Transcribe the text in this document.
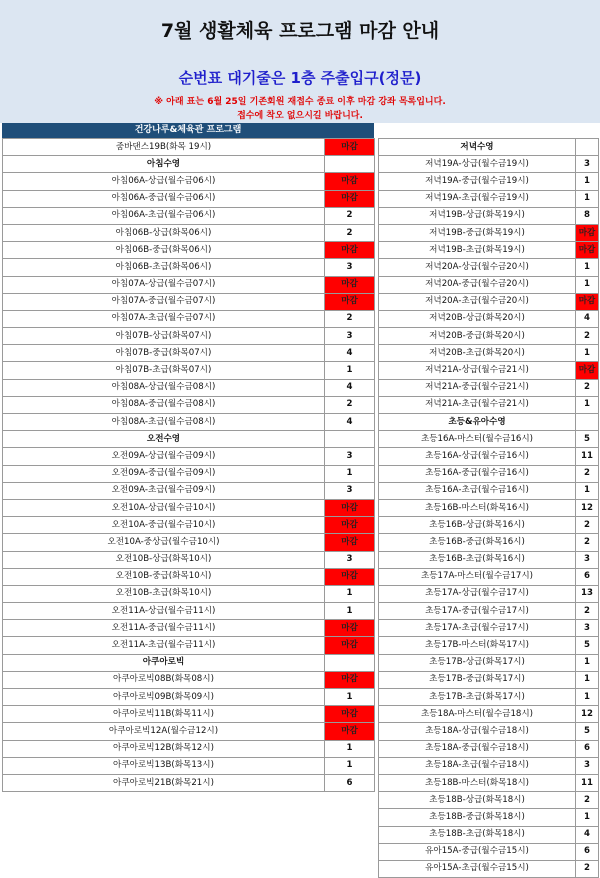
7월 생활체육 프로그램 마감 안내
순번표 대기줄은 1층 주출입구(정문)
※ 아래 표는 6월 25일 기존회원 재접수 종료 이후 마감 강좌 목록입니다.
접수에 착오 없으시길 바랍니다.
건강나루&체육관 프로그램
줌바댄스19B(화목 19시)	마감
아침수영	
아침06A-상급(월수금06시)	마감
아침06A-중급(월수금06시)	마감
아침06A-초급(월수금06시)	2
아침06B-상급(화목06시)	2
아침06B-중급(화목06시)	마감
아침06B-초급(화목06시)	3
아침07A-상급(월수금07시)	마감
아침07A-중급(월수금07시)	마감
아침07A-초급(월수금07시)	2
아침07B-상급(화목07시)	3
아침07B-중급(화목07시)	4
아침07B-초급(화목07시)	1
아침08A-상급(월수금08시)	4
아침08A-중급(월수금08시)	2
아침08A-초급(월수금08시)	4
오전수영	
오전09A-상급(월수금09시)	3
오전09A-중급(월수금09시)	1
오전09A-초급(월수금09시)	3
오전10A-상급(월수금10시)	마감
오전10A-중급(월수금10시)	마감
오전10A-중상급(월수금10시)	마감
오전10B-상급(화목10시)	3
오전10B-중급(화목10시)	마감
오전10B-초급(화목10시)	1
오전11A-상급(월수금11시)	1
오전11A-중급(월수금11시)	마감
오전11A-초급(월수금11시)	마감
아쿠아로빅	
아쿠아로빅08B(화목08시)	마감
아쿠아로빅09B(화목09시)	1
아쿠아로빅11B(화목11시)	마감
아쿠아로빅12A(월수금12시)	마감
아쿠아로빅12B(화목12시)	1
아쿠아로빅13B(화목13시)	1
아쿠아로빅21B(화목21시)	6
저녁수영	
저녁19A-상급(월수금19시)	3
저녁19A-중급(월수금19시)	1
저녁19A-초급(월수금19시)	1
저녁19B-상급(화목19시)	8
저녁19B-중급(화목19시)	마감
저녁19B-초급(화목19시)	마감
저녁20A-상급(월수금20시)	1
저녁20A-중급(월수금20시)	1
저녁20A-초급(월수금20시)	마감
저녁20B-상급(화목20시)	4
저녁20B-중급(화목20시)	2
저녁20B-초급(화목20시)	1
저녁21A-상급(월수금21시)	마감
저녁21A-중급(월수금21시)	2
저녁21A-초급(월수금21시)	1
초등&유아수영	
초등16A-마스터(월수금16시)	5
초등16A-상급(월수금16시)	11
초등16A-중급(월수금16시)	2
초등16A-초급(월수금16시)	1
초등16B-마스터(화목16시)	12
초등16B-상급(화목16시)	2
초등16B-중급(화목16시)	2
초등16B-초급(화목16시)	3
초등17A-마스터(월수금17시)	6
초등17A-상급(월수금17시)	13
초등17A-중급(월수금17시)	2
초등17A-초급(월수금17시)	3
초등17B-마스터(화목17시)	5
초등17B-상급(화목17시)	1
초등17B-중급(화목17시)	1
초등17B-초급(화목17시)	1
초등18A-마스터(월수금18시)	12
초등18A-상급(월수금18시)	5
초등18A-중급(월수금18시)	6
초등18A-초급(월수금18시)	3
초등18B-마스터(화목18시)	11
초등18B-상급(화목18시)	2
초등18B-중급(화목18시)	1
초등18B-초급(화목18시)	4
유아15A-중급(월수금15시)	6
유아15A-초급(월수금15시)	2
